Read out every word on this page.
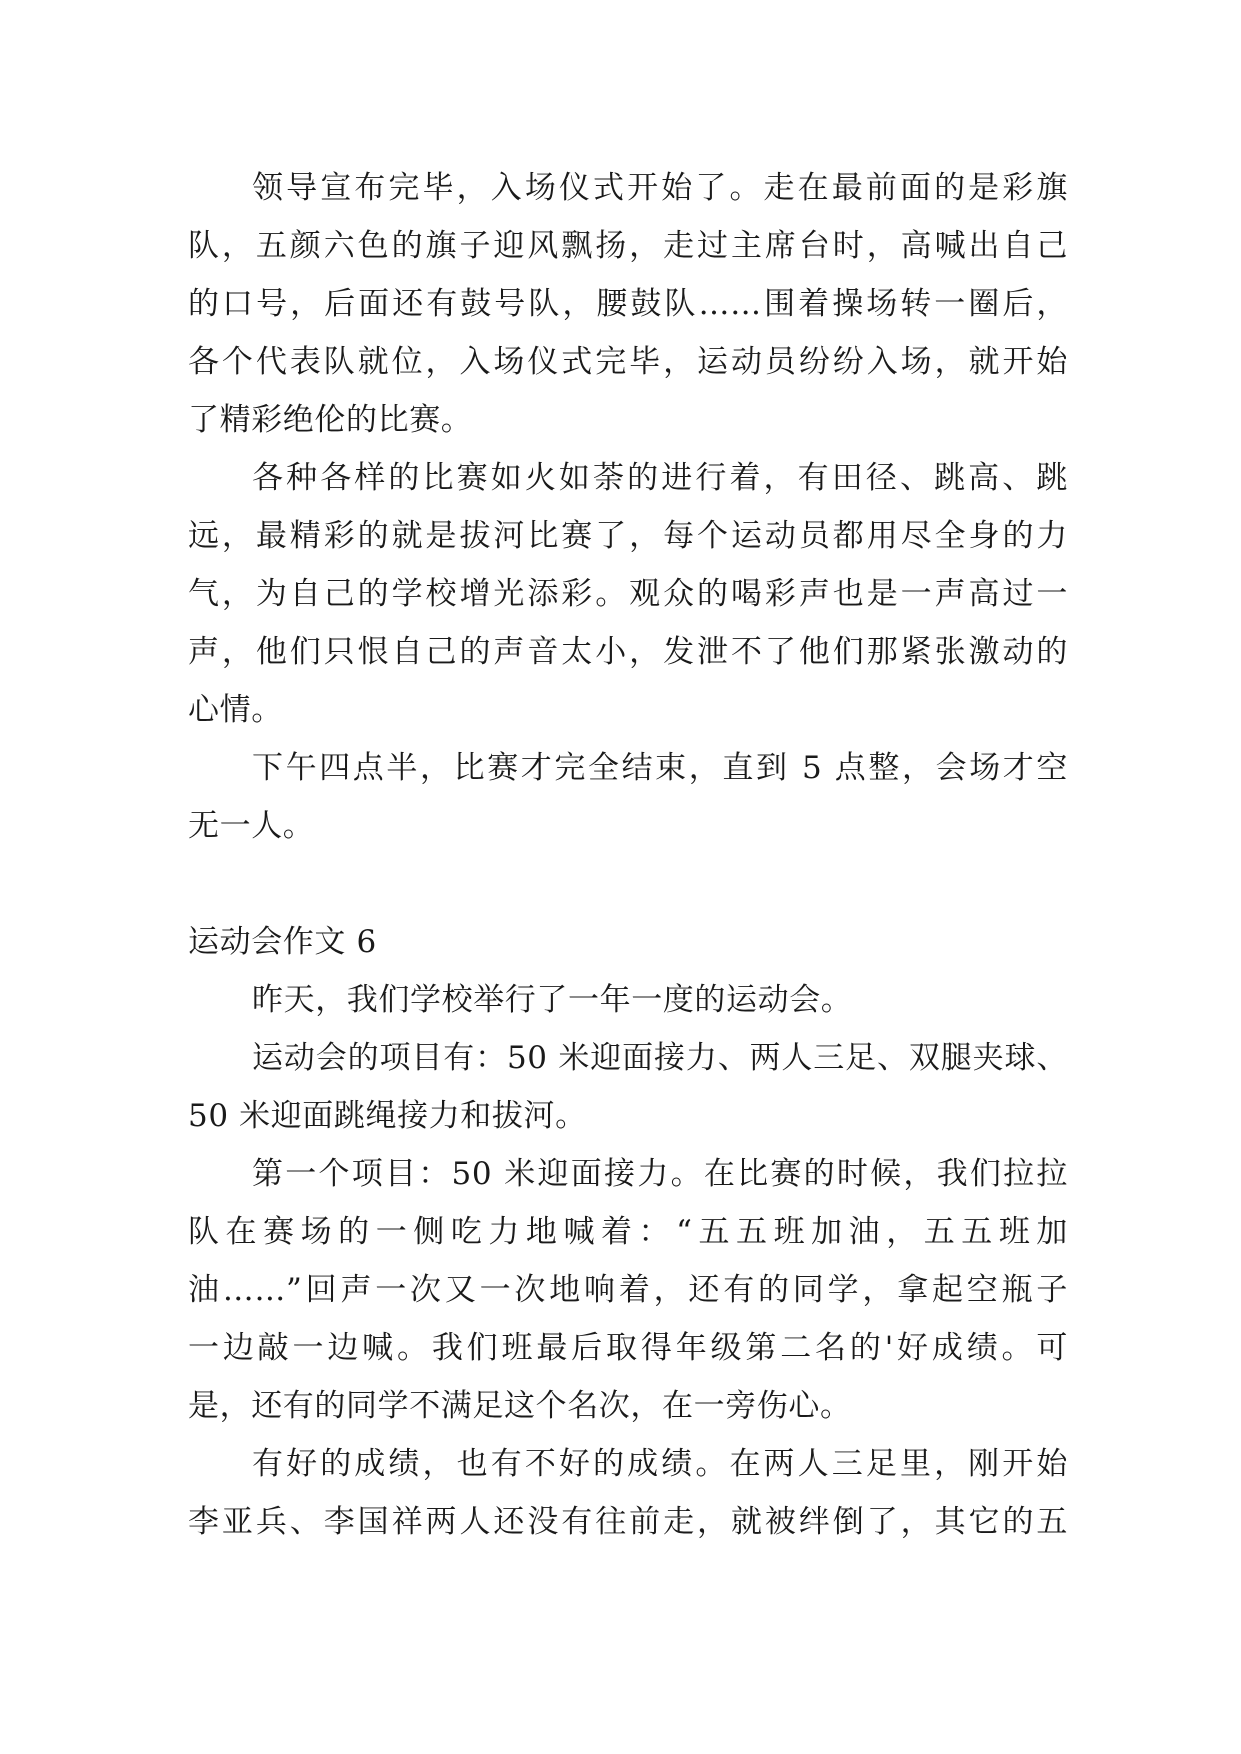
领导宣布完毕，入场仪式开始了。走在最前面的是彩旗
队，五颜六色的旗子迎风飘扬，走过主席台时，高喊出自己
的口号，后面还有鼓号队，腰鼓队……围着操场转一圈后，
各个代表队就位，入场仪式完毕，运动员纷纷入场，就开始
了精彩绝伦的比赛。
各种各样的比赛如火如荼的进行着，有田径、跳高、跳
远，最精彩的就是拔河比赛了，每个运动员都用尽全身的力
气，为自己的学校增光添彩。观众的喝彩声也是一声高过一
声，他们只恨自己的声音太小，发泄不了他们那紧张激动的
心情。
下午四点半，比赛才完全结束，直到 5 点整，会场才空
无一人。
运动会作文 6
昨天，我们学校举行了一年一度的运动会。
运动会的项目有：50 米迎面接力、两人三足、双腿夹球、
50 米迎面跳绳接力和拔河。
第一个项目：50 米迎面接力。在比赛的时候，我们拉拉
队在赛场的一侧吃力地喊着：“五五班加油，五五班加
油……”回声一次又一次地响着，还有的同学，拿起空瓶子
一边敲一边喊。我们班最后取得年级第二名的'好成绩。可
是，还有的同学不满足这个名次，在一旁伤心。
有好的成绩，也有不好的成绩。在两人三足里，刚开始
李亚兵、李国祥两人还没有往前走，就被绊倒了，其它的五
